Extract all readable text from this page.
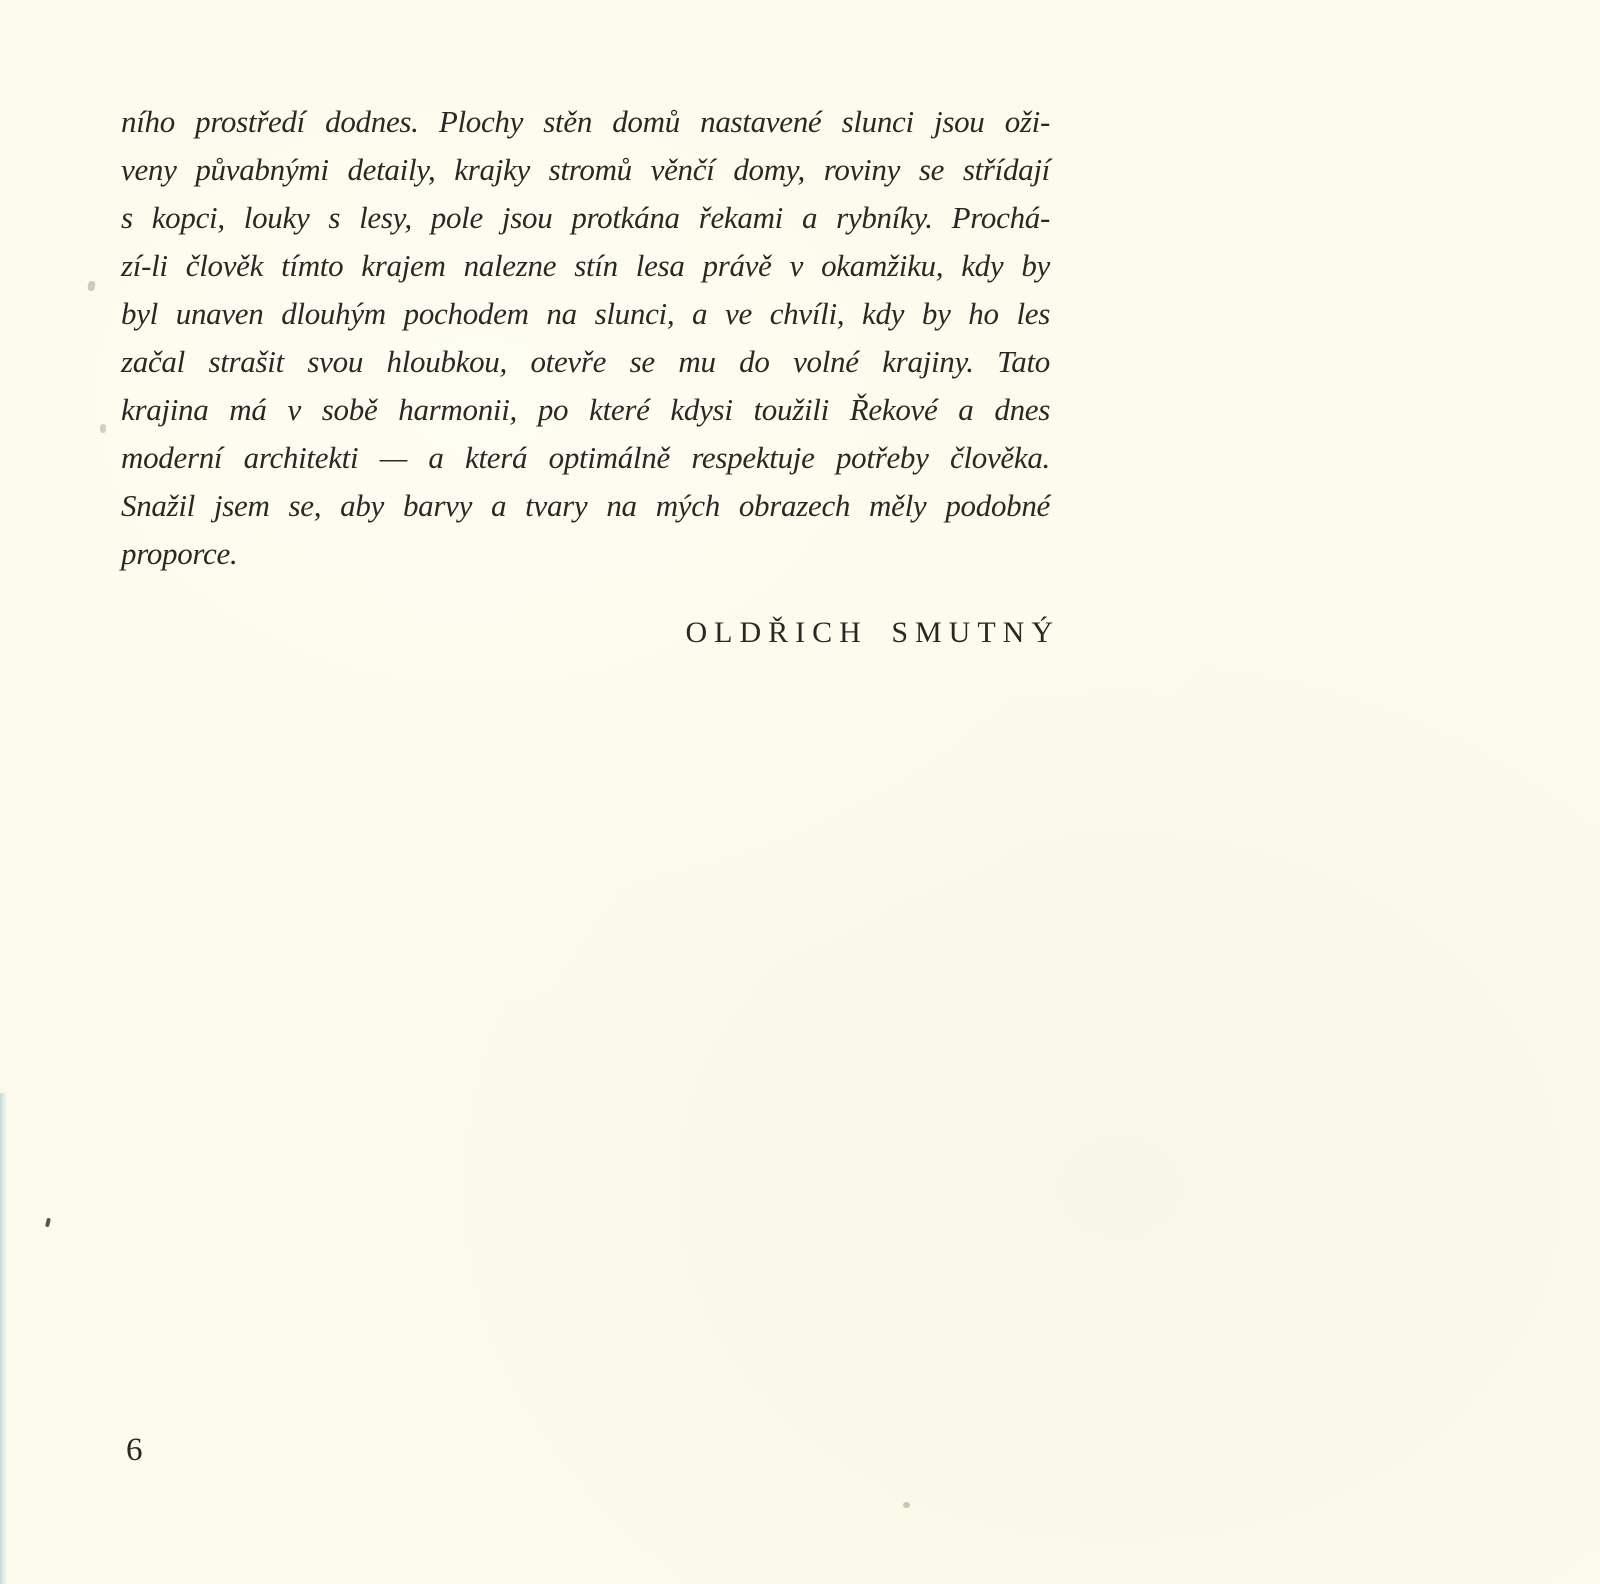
ního prostředí dodnes. Plochy stěn domů nastavené slunci jsou oži-
veny půvabnými detaily, krajky stromů věnčí domy, roviny se střídají
s kopci, louky s lesy, pole jsou protkána řekami a rybníky. Prochá-
zí-li člověk tímto krajem nalezne stín lesa právě v okamžiku, kdy by
byl unaven dlouhým pochodem na slunci, a ve chvíli, kdy by ho les
začal strašit svou hloubkou, otevře se mu do volné krajiny. Tato
krajina má v sobě harmonii, po které kdysi toužili Řekové a dnes
moderní architekti — a která optimálně respektuje potřeby člověka.
Snažil jsem se, aby barvy a tvary na mých obrazech měly podobné
proporce.
OLDŘICH SMUTNÝ
6
